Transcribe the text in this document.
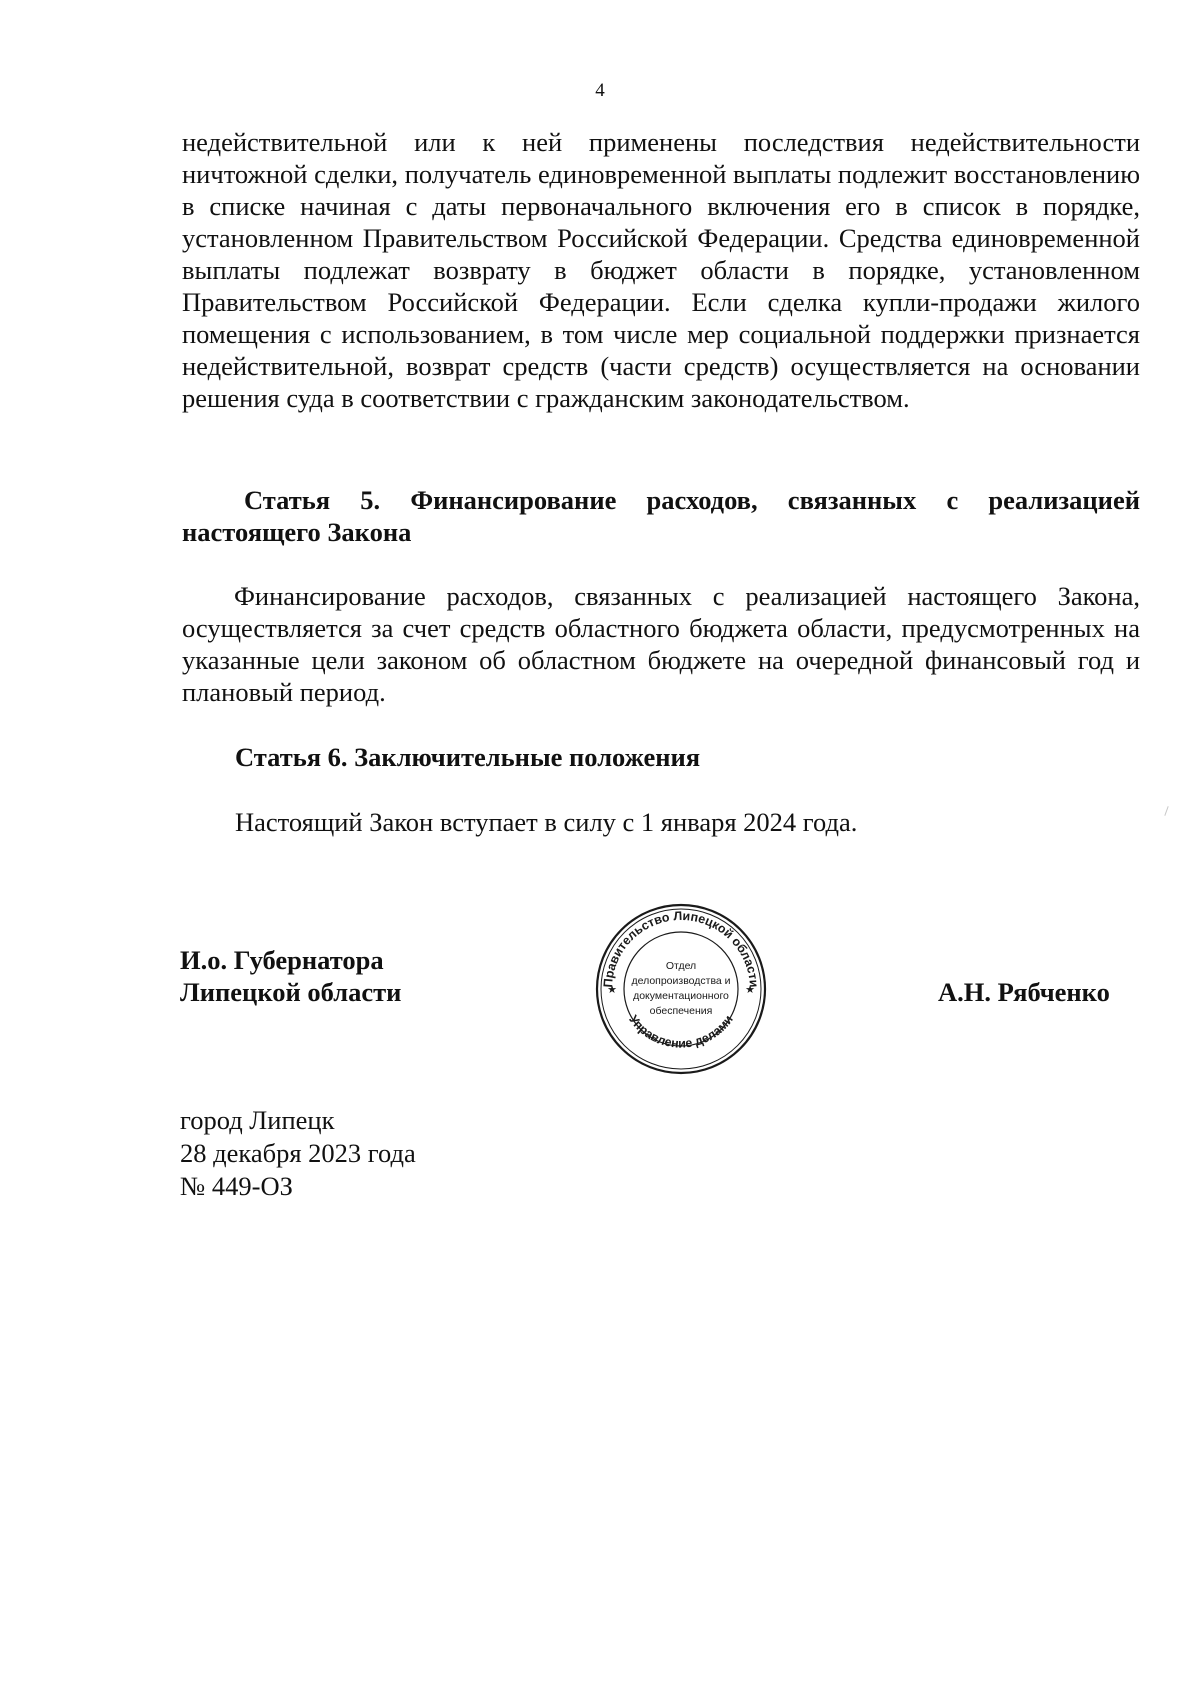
4

недействительной или к ней применены последствия недействительности ничтожной сделки, получатель единовременной выплаты подлежит восстановлению в списке начиная с даты первоначального включения его в список в порядке, установленном Правительством Российской Федерации. Средства единовременной выплаты подлежат возврату в бюджет области в порядке, установленном Правительством Российской Федерации. Если сделка купли-продажи жилого помещения с использованием, в том числе мер социальной поддержки признается недействительной, возврат средств (части средств) осуществляется на основании решения суда в соответствии с гражданским законодательством.

Статья 5. Финансирование расходов, связанных с реализацией настоящего Закона
Финансирование расходов, связанных с реализацией настоящего Закона, осуществляется за счет средств областного бюджета области, предусмотренных на указанные цели законом об областном бюджете на очередной финансовый год и плановый период.
Статья 6. Заключительные положения
Настоящий Закон вступает в силу с 1 января 2024 года.
И.о. Губернатора
Липецкой области	Правительство Липецкой области
Управление делами
★	★
Отдел
делопроизводства и
документационного
обеспечения
А.Н. Рябченко
город Липецк
28 декабря 2023 года
№ 449-ОЗ
